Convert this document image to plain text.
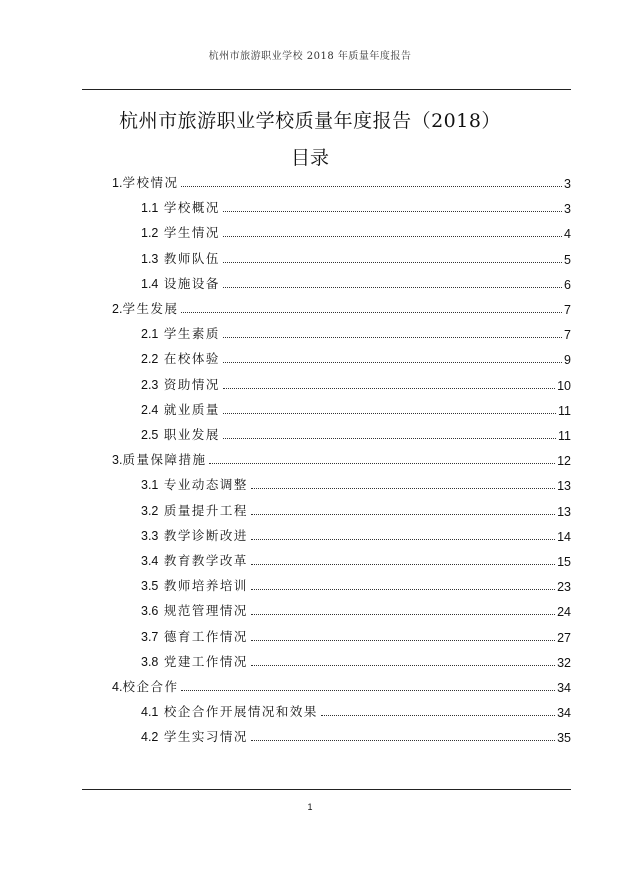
杭州市旅游职业学校 2018 年质量年度报告
杭州市旅游职业学校质量年度报告（2018）
目录
1.学校情况	3
1.1 学校概况	3
1.2 学生情况	4
1.3 教师队伍	5
1.4 设施设备	6
2.学生发展	7
2.1 学生素质	7
2.2 在校体验	9
2.3 资助情况	10
2.4 就业质量	11
2.5 职业发展	11
3.质量保障措施	12
3.1 专业动态调整	13
3.2 质量提升工程	13
3.3 教学诊断改进	14
3.4 教育教学改革	15
3.5 教师培养培训	23
3.6 规范管理情况	24
3.7 德育工作情况	27
3.8 党建工作情况	32
4.校企合作	34
4.1 校企合作开展情况和效果	34
4.2 学生实习情况	35
1
